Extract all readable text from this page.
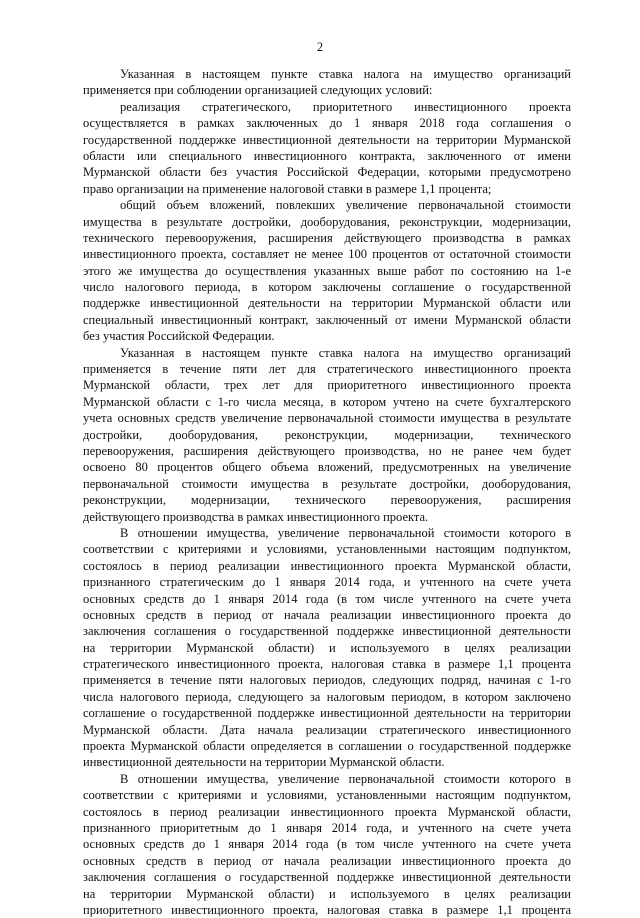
2
Указанная в настоящем пункте ставка налога на имущество организаций
применяется при соблюдении организацией следующих условий:
реализация стратегического, приоритетного инвестиционного проекта
осуществляется в рамках заключенных до 1 января 2018 года соглашения о
государственной поддержке инвестиционной деятельности на территории Мурманской
области или специального инвестиционного контракта, заключенного от имени
Мурманской области без участия Российской Федерации, которыми предусмотрено
право организации на применение налоговой ставки в размере 1,1 процента;
общий объем вложений, повлекших увеличение первоначальной стоимости
имущества в результате достройки, дооборудования, реконструкции, модернизации,
технического перевооружения, расширения действующего производства в рамках
инвестиционного проекта, составляет не менее 100 процентов от остаточной стоимости
этого же имущества до осуществления указанных выше работ по состоянию на 1-е
число налогового периода, в котором заключены соглашение о государственной
поддержке инвестиционной деятельности на территории Мурманской области или
специальный инвестиционный контракт, заключенный от имени Мурманской области
без участия Российской Федерации.
Указанная в настоящем пункте ставка налога на имущество организаций
применяется в течение пяти лет для стратегического инвестиционного проекта
Мурманской области, трех лет для приоритетного инвестиционного проекта
Мурманской области с 1-го числа месяца, в котором учтено на счете бухгалтерского
учета основных средств увеличение первоначальной стоимости имущества в результате
достройки, дооборудования, реконструкции, модернизации, технического
перевооружения, расширения действующего производства, но не ранее чем будет
освоено 80 процентов общего объема вложений, предусмотренных на увеличение
первоначальной стоимости имущества в результате достройки, дооборудования,
реконструкции, модернизации, технического перевооружения, расширения
действующего производства в рамках инвестиционного проекта.
В отношении имущества, увеличение первоначальной стоимости которого в
соответствии с критериями и условиями, установленными настоящим подпунктом,
состоялось в период реализации инвестиционного проекта Мурманской области,
признанного стратегическим до 1 января 2014 года, и учтенного на счете учета
основных средств до 1 января 2014 года (в том числе учтенного на счете учета
основных средств в период от начала реализации инвестиционного проекта до
заключения соглашения о государственной поддержке инвестиционной деятельности
на территории Мурманской области) и используемого в целях реализации
стратегического инвестиционного проекта, налоговая ставка в размере 1,1 процента
применяется в течение пяти налоговых периодов, следующих подряд, начиная с 1-го
числа налогового периода, следующего за налоговым периодом, в котором заключено
соглашение о государственной поддержке инвестиционной деятельности на территории
Мурманской области. Дата начала реализации стратегического инвестиционного
проекта Мурманской области определяется в соглашении о государственной поддержке
инвестиционной деятельности на территории Мурманской области.
В отношении имущества, увеличение первоначальной стоимости которого в
соответствии с критериями и условиями, установленными настоящим подпунктом,
состоялось в период реализации инвестиционного проекта Мурманской области,
признанного приоритетным до 1 января 2014 года, и учтенного на счете учета
основных средств до 1 января 2014 года (в том числе учтенного на счете учета
основных средств в период от начала реализации инвестиционного проекта до
заключения соглашения о государственной поддержке инвестиционной деятельности
на территории Мурманской области) и используемого в целях реализации
приоритетного инвестиционного проекта, налоговая ставка в размере 1,1 процента
